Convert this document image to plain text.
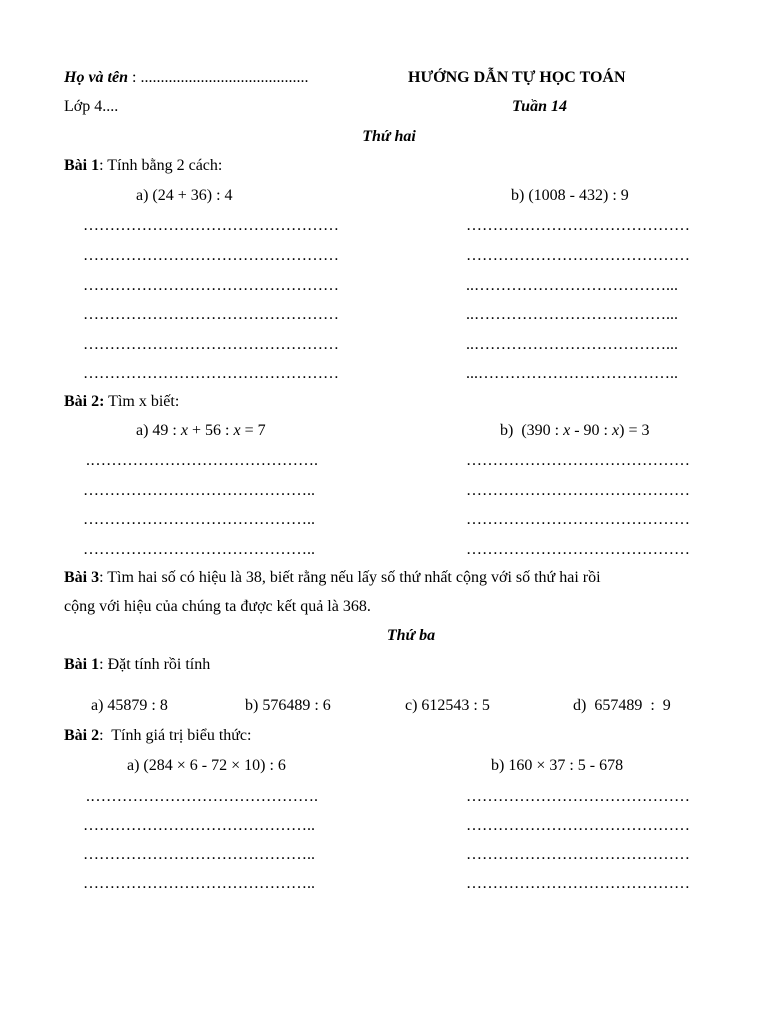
Họ và tên : ..........................................	HƯỚNG DẪN TỰ HỌC TOÁN
Lớp 4....	Tuần 14
Thứ hai
Bài 1: Tính bằng 2 cách:
a) (24 + 36) : 4	b) (1008 - 432) : 9
…………………………………………
…………………………………………
…………………………………………
…………………………………………
…………………………………………
…………………………………………
……………………………………
……………………………………
..………………………………...
..………………………………...
..………………………………...
...………………………………..
Bài 2: Tìm x biết:
a) 49 : x + 56 : x = 7	b)  (390 : x - 90 : x) = 3
.…………………………………….
……………………………………..
……………………………………..
……………………………………..
……………………………………
……………………………………
……………………………………
……………………………………
Bài 3: Tìm hai số có hiệu là 38, biết rằng nếu lấy số thứ nhất cộng với số thứ hai rồi
cộng với hiệu của chúng ta được kết quả là 368.
Thứ ba
Bài 1: Đặt tính rồi tính
a) 45879 : 8	b) 576489 : 6	c) 612543 : 5	d)  657489  :  9
Bài 2:  Tính giá trị biểu thức:
a) (284 × 6 - 72 × 10) : 6	b) 160 × 37 : 5 - 678
.…………………………………….
……………………………………..
……………………………………..
……………………………………..
……………………………………
……………………………………
……………………………………
……………………………………
